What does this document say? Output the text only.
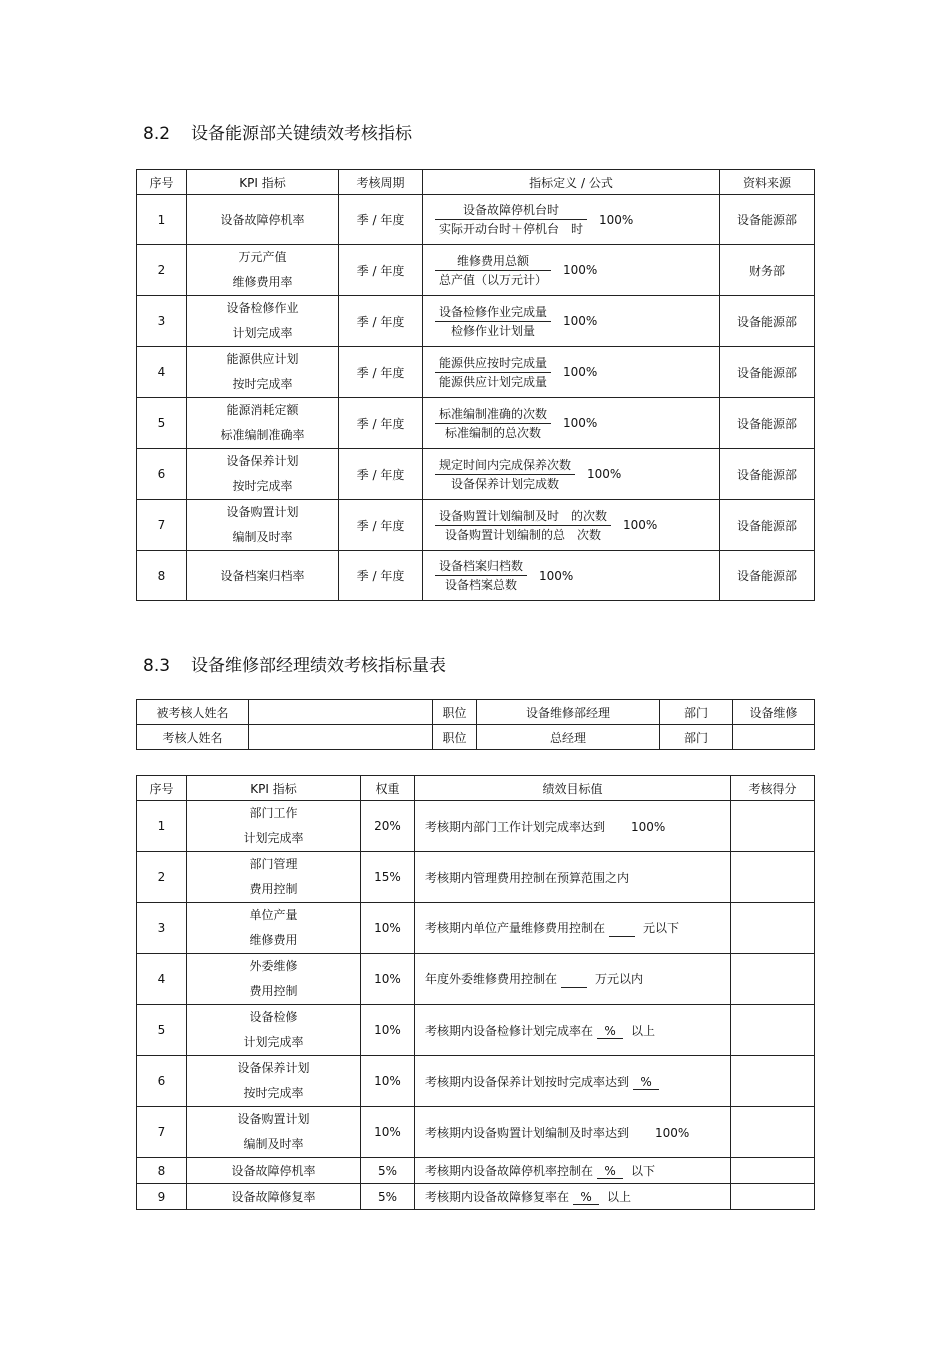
8.2 设备能源部关键绩效考核指标
序号	KPI 指标	考核周期	指标定义 / 公式	资料来源
1	设备故障停机率	季 / 年度	$\frac{\text{设备故障停机台时}}{\text{实际开动台时＋停机台　时}} 100\%$	设备能源部
2	万元产值
维修费用率	季 / 年度	$\frac{\text{维修费用总额}}{\text{总产值（以万元计）}} 100\%$	财务部
3	设备检修作业
计划完成率	季 / 年度	$\frac{\text{设备检修作业完成量}}{\text{检修作业计划量}} 100\%$	设备能源部
4	能源供应计划
按时完成率	季 / 年度	$\frac{\text{能源供应按时完成量}}{\text{能源供应计划完成量}} 100\%$	设备能源部
5	能源消耗定额
标准编制准确率	季 / 年度	$\frac{\text{标准编制准确的次数}}{\text{标准编制的总次数}} 100\%$	设备能源部
6	设备保养计划
按时完成率	季 / 年度	$\frac{\text{规定时间内完成保养次数}}{\text{设备保养计划完成数}} 100\%$	设备能源部
7	设备购置计划
编制及时率	季 / 年度	$\frac{\text{设备购置计划编制及时　的次数}}{\text{设备购置计划编制的总　次数}} 100\%$	设备能源部
8	设备档案归档率	季 / 年度	$\frac{\text{设备档案归档数}}{\text{设备档案总数}} 100\%$	设备能源部
8.3 设备维修部经理绩效考核指标量表
被考核人姓名		职位	设备维修部经理	部门	设备维修
考核人姓名		职位	总经理	部门	
序号	KPI 指标	权重	绩效目标值	考核得分
1	部门工作
计划完成率	20%	考核期内部门工作计划完成率达到 100%	
2	部门管理
费用控制	15%	考核期内管理费用控制在预算范围之内	
3	单位产量
维修费用	10%	考核期内单位产量维修费用控制在　 元以下	
4	外委维修
费用控制	10%	年度外委维修费用控制在　 万元以内	
5	设备检修
计划完成率	10%	考核期内设备检修计划完成率在 % 以上	
6	设备保养计划
按时完成率	10%	考核期内设备保养计划按时完成率达到 %	
7	设备购置计划
编制及时率	10%	考核期内设备购置计划编制及时率达到 100%	
8	设备故障停机率	5%	考核期内设备故障停机率控制在 % 以下	
9	设备故障修复率	5%	考核期内设备故障修复率在 % 以上	
